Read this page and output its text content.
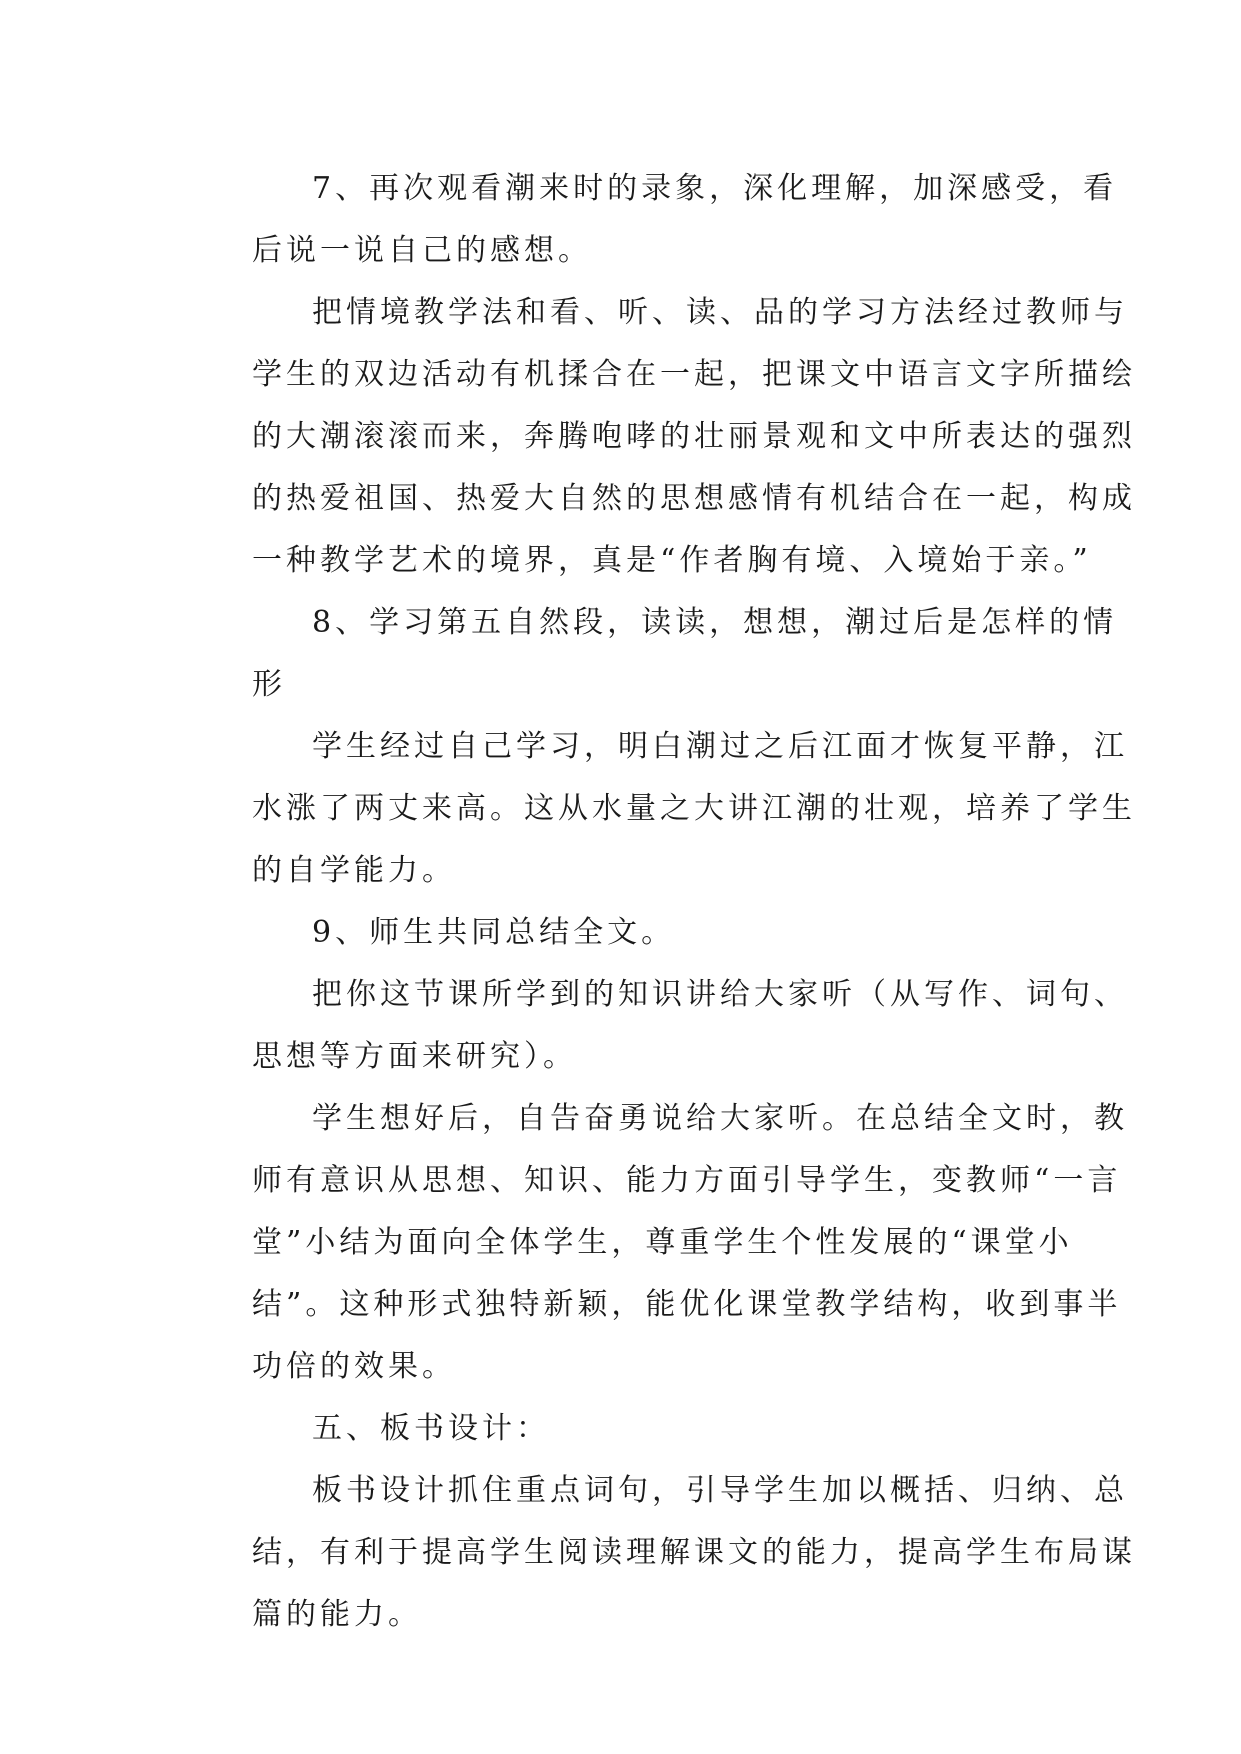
7、再次观看潮来时的录象，深化理解，加深感受，看
后说一说自己的感想。
把情境教学法和看、听、读、品的学习方法经过教师与
学生的双边活动有机揉合在一起，把课文中语言文字所描绘
的大潮滚滚而来，奔腾咆哮的壮丽景观和文中所表达的强烈
的热爱祖国、热爱大自然的思想感情有机结合在一起，构成
一种教学艺术的境界，真是“作者胸有境、入境始于亲。”
8、学习第五自然段，读读，想想，潮过后是怎样的情
形
学生经过自己学习，明白潮过之后江面才恢复平静，江
水涨了两丈来高。这从水量之大讲江潮的壮观，培养了学生
的自学能力。
9、师生共同总结全文。
把你这节课所学到的知识讲给大家听（从写作、词句、
思想等方面来研究）。
学生想好后，自告奋勇说给大家听。在总结全文时，教
师有意识从思想、知识、能力方面引导学生，变教师“一言
堂”小结为面向全体学生，尊重学生个性发展的“课堂小
结”。这种形式独特新颖，能优化课堂教学结构，收到事半
功倍的效果。
五、板书设计：
板书设计抓住重点词句，引导学生加以概括、归纳、总
结，有利于提高学生阅读理解课文的能力，提高学生布局谋
篇的能力。
